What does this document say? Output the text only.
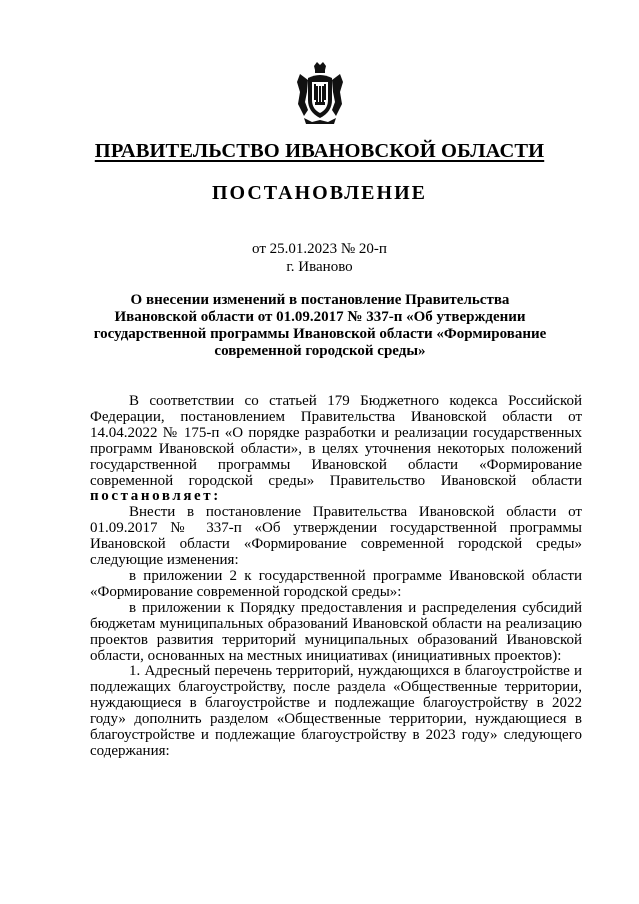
ПРАВИТЕЛЬСТВО ИВАНОВСКОЙ ОБЛАСТИ
ПОСТАНОВЛЕНИЕ
от 25.01.2023 № 20-п
г. Иваново
О внесении изменений в постановление Правительства Ивановской области от 01.09.2017 № 337-п «Об утверждении государственной программы Ивановской области «Формирование современной городской среды»

В соответствии со статьей 179 Бюджетного кодекса Российской Федерации, постановлением Правительства Ивановской области от 14.04.2022 № 175-п «О порядке разработки и реализации государственных программ Ивановской области», в целях уточнения некоторых положений государственной программы Ивановской области «Формирование современной городской среды» Правительство Ивановской области постановляет:

Внести в постановление Правительства Ивановской области от 01.09.2017 № 337-п «Об утверждении государственной программы Ивановской области «Формирование современной городской среды» следующие изменения:

в приложении 2 к государственной программе Ивановской области «Формирование современной городской среды»:

в приложении к Порядку предоставления и распределения субсидий бюджетам муниципальных образований Ивановской области на реализацию проектов развития территорий муниципальных образований Ивановской области, основанных на местных инициативах (инициативных проектов):

1. Адресный перечень территорий, нуждающихся в благоустройстве и подлежащих благоустройству, после раздела «Общественные территории, нуждающиеся в благоустройстве и подлежащие благоустройству в 2022 году» дополнить разделом «Общественные территории, нуждающиеся в благоустройстве и подлежащие благоустройству в 2023 году» следующего содержания:
